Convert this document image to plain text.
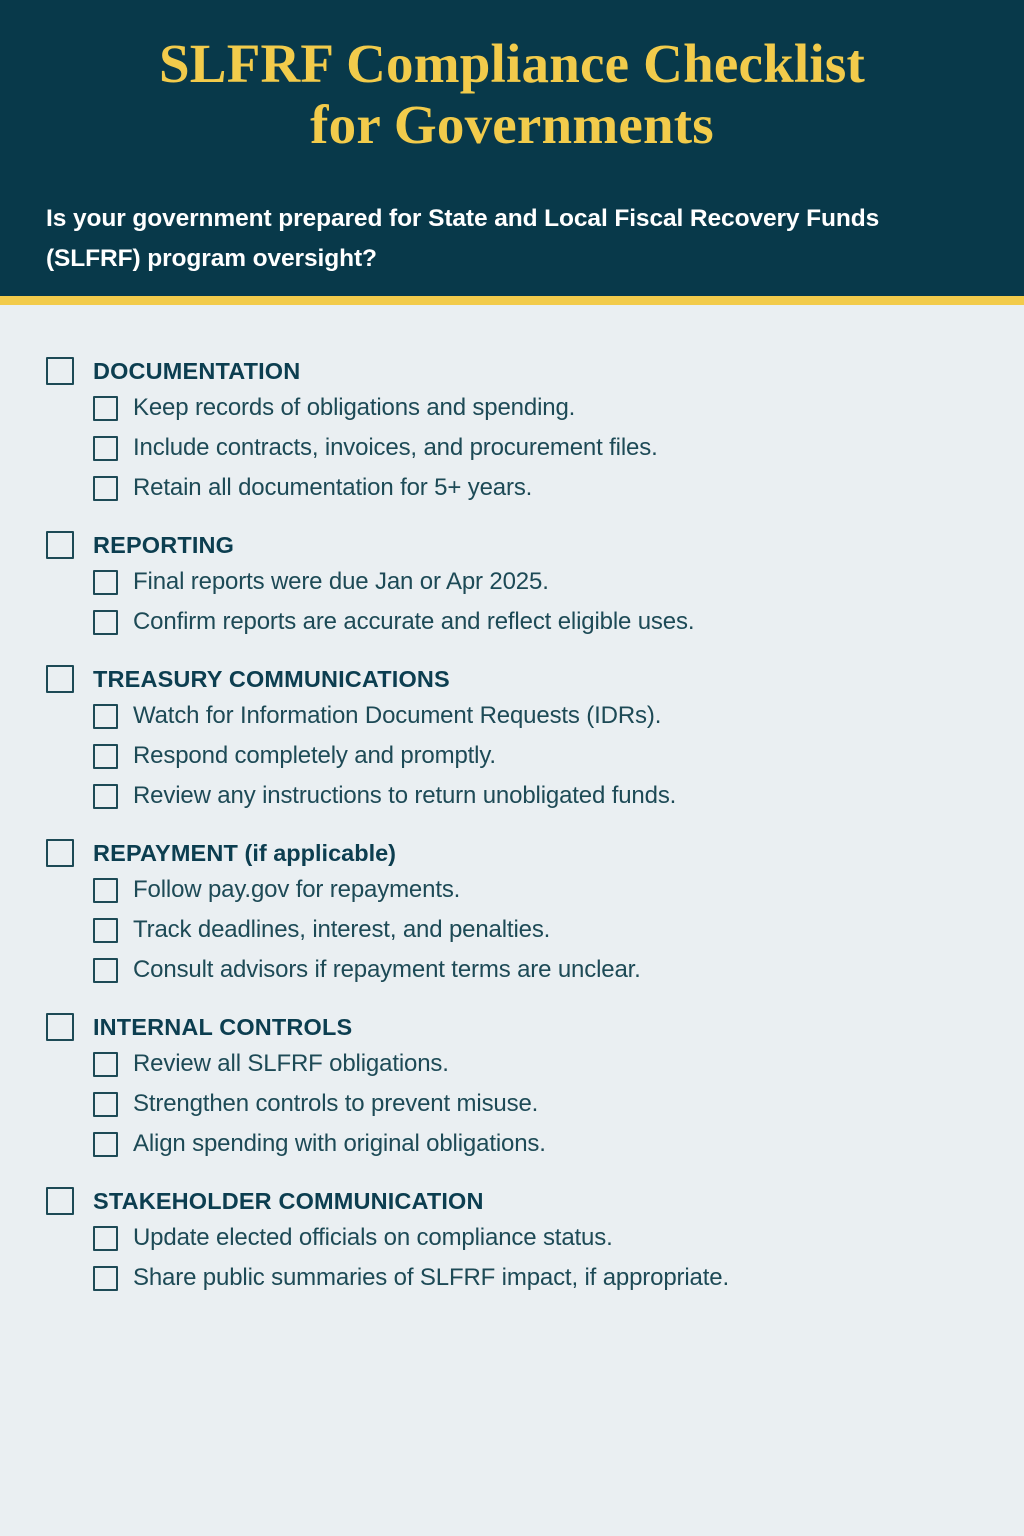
SLFRF Compliance Checklist
for Governments

Is your government prepared for State and Local Fiscal Recovery Funds (SLFRF) program oversight?

DOCUMENTATION
Keep records of obligations and spending.
Include contracts, invoices, and procurement files.
Retain all documentation for 5+ years.
REPORTING
Final reports were due Jan or Apr 2025.
Confirm reports are accurate and reflect eligible uses.
TREASURY COMMUNICATIONS
Watch for Information Document Requests (IDRs).
Respond completely and promptly.
Review any instructions to return unobligated funds.
REPAYMENT (if applicable)
Follow pay.gov for repayments.
Track deadlines, interest, and penalties.
Consult advisors if repayment terms are unclear.
INTERNAL CONTROLS
Review all SLFRF obligations.
Strengthen controls to prevent misuse.
Align spending with original obligations.
STAKEHOLDER COMMUNICATION
Update elected officials on compliance status.
Share public summaries of SLFRF impact, if appropriate.
